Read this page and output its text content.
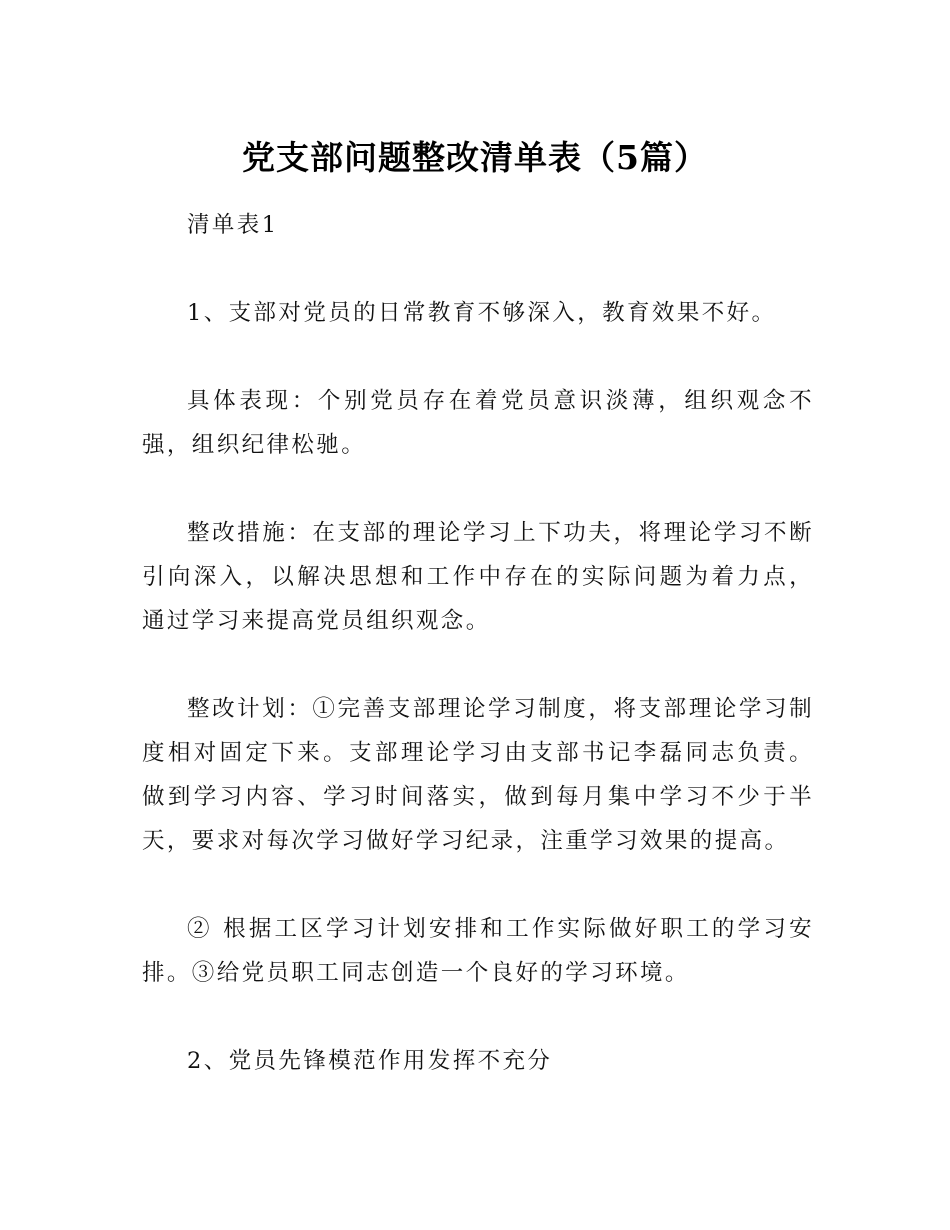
党支部问题整改清单表（5篇）

清单表1

1、支部对党员的日常教育不够深入，教育效果不好。

具体表现：个别党员存在着党员意识淡薄，组织观念不强，组织纪律松驰。

整改措施：在支部的理论学习上下功夫，将理论学习不断引向深入，以解决思想和工作中存在的实际问题为着力点，通过学习来提高党员组织观念。

整改计划：①完善支部理论学习制度，将支部理论学习制度相对固定下来。支部理论学习由支部书记李磊同志负责。做到学习内容、学习时间落实，做到每月集中学习不少于半天，要求对每次学习做好学习纪录，注重学习效果的提高。

② 根据工区学习计划安排和工作实际做好职工的学习安排。③给党员职工同志创造一个良好的学习环境。

2、党员先锋模范作用发挥不充分
